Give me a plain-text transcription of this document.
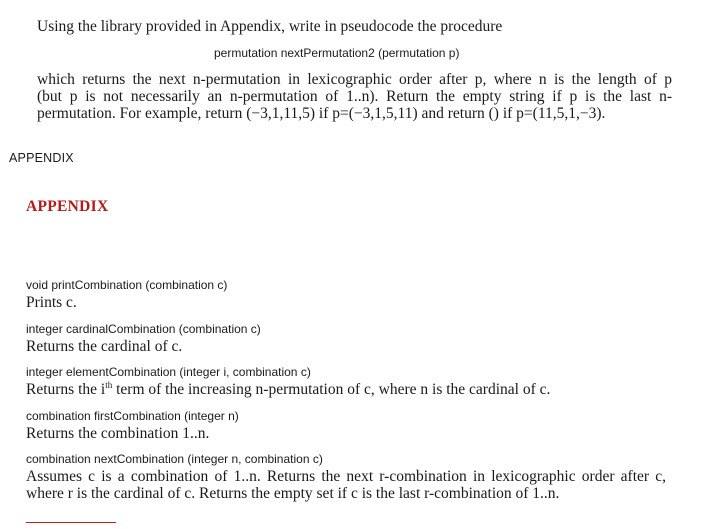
Using the library provided in Appendix, write in pseudocode the procedure
permutation nextPermutation2 (permutation p)
which returns the next n-permutation in lexicographic order after p, where n is the length of p
(but p is not necessarily an n-permutation of 1..n). Return the empty string if p is the last n-
permutation. For example, return (−3,1,11,5) if p=(−3,1,5,11) and return () if p=(11,5,1,−3).
APPENDIX
APPENDIX
void printCombination (combination c)
Prints c.
integer cardinalCombination (combination c)
Returns the cardinal of c.
integer elementCombination (integer i, combination c)
Returns the $i^{th}$ term of the increasing n-permutation of c, where n is the cardinal of c.
combination firstCombination (integer n)
Returns the combination 1..n.
combination nextCombination (integer n, combination c)
Assumes c is a combination of 1..n. Returns the next r-combination in lexicographic order after c,
where r is the cardinal of c. Returns the empty set if c is the last r-combination of 1..n.
